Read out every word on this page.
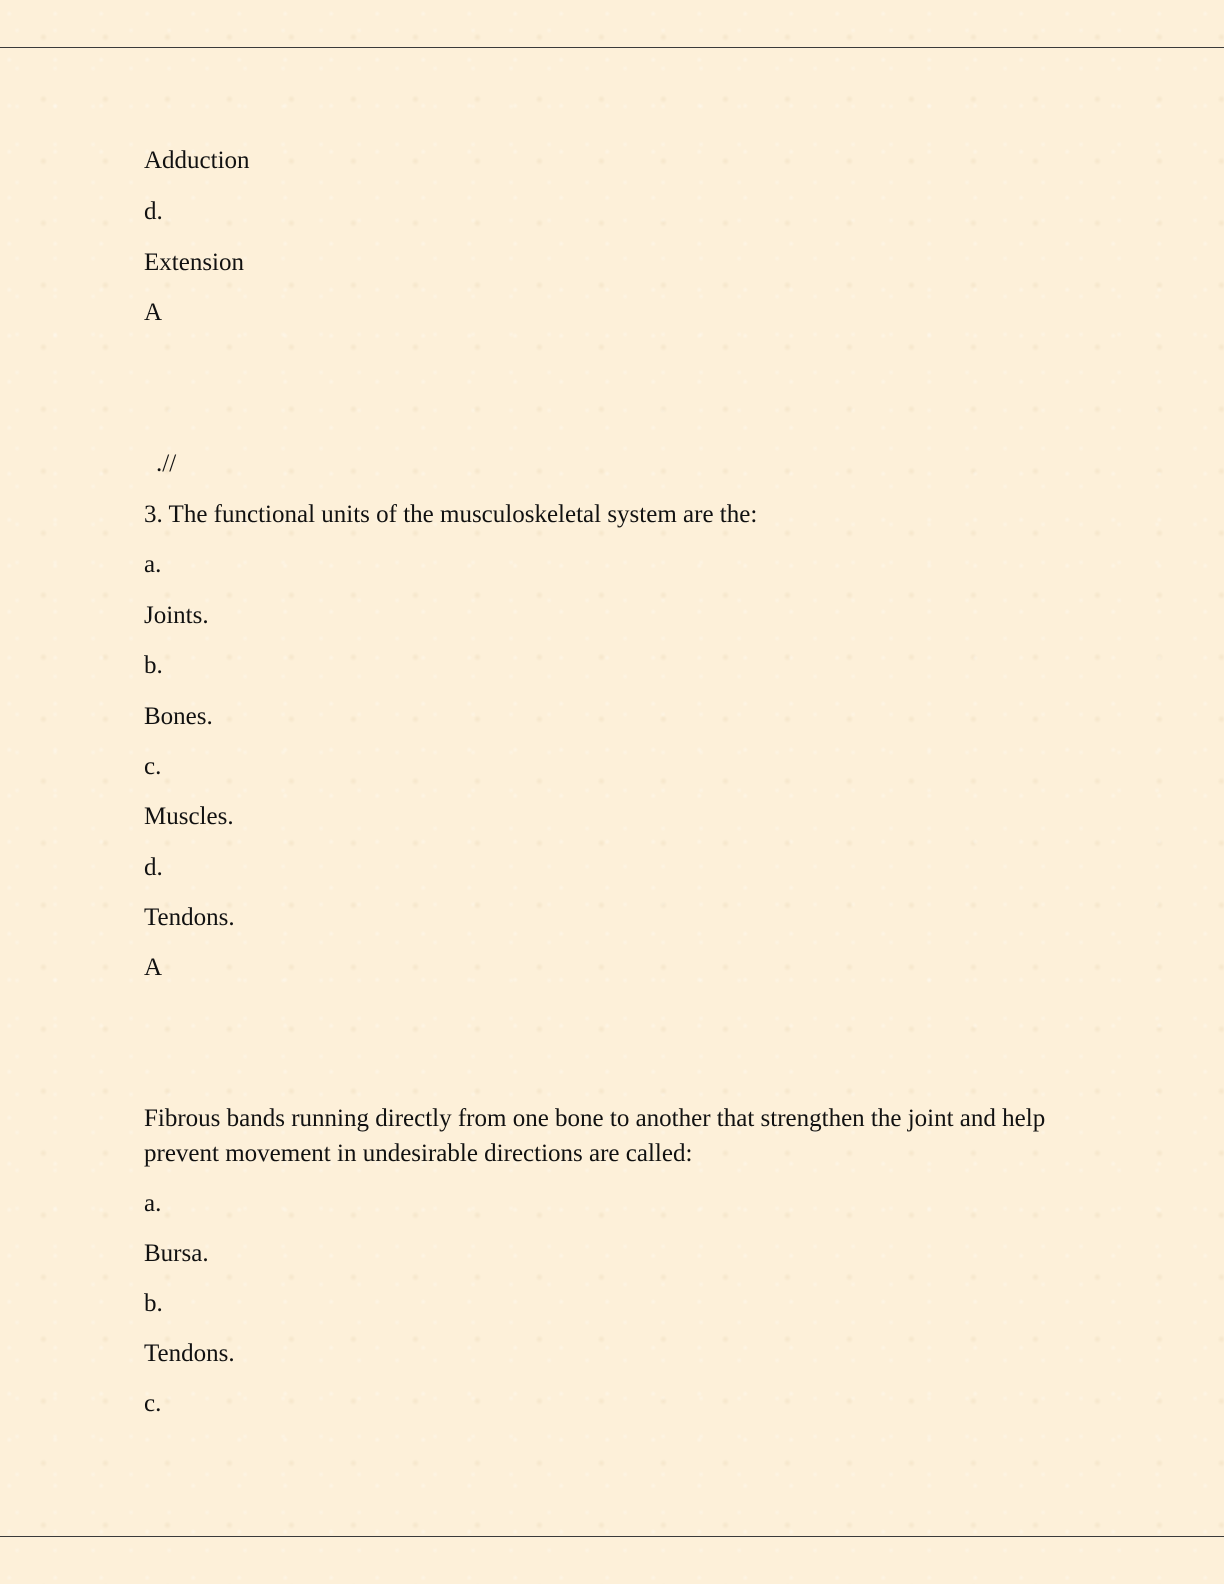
Adduction
d.
Extension
A
.//
3. The functional units of the musculoskeletal system are the:
a.
Joints.
b.
Bones.
c.
Muscles.
d.
Tendons.
A
Fibrous bands running directly from one bone to another that strengthen the joint and help prevent movement in undesirable directions are called:
a.
Bursa.
b.
Tendons.
c.
